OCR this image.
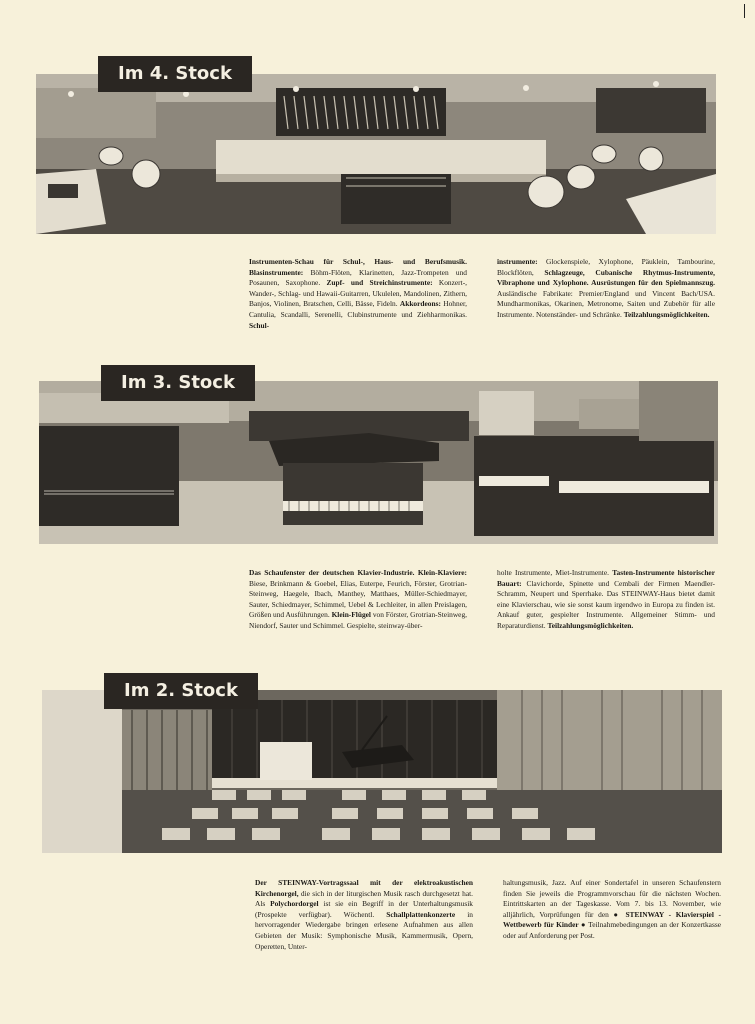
Im 4. Stock

Instrumenten-Schau für Schul-, Haus- und Berufsmusik. Blasinstrumente: Böhm-Flöten, Klarinetten, Jazz-Trompeten und Posaunen, Saxophone. Zupf- und Streichinstrumente: Konzert-, Wander-, Schlag- und Hawaii-Guitarren, Ukulelen, Mandolinen, Zithern, Banjos, Violinen, Bratschen, Celli, Bässe, Fideln. Akkordeons: Hohner, Cantulia, Scandalli, Serenelli, Clubinstrumente und Ziehharmonikas. Schul-

instrumente: Glockenspiele, Xylophone, Päuklein, Tambourine, Blockflöten, Schlagzeuge, Cubanische Rhytmus-Instrumente, Vibraphone und Xylophone. Ausrüstungen für den Spielmannszug. Ausländische Fabrikate: Premier/England und Vincent Bach/USA. Mundharmonikas, Okarinen, Metronome, Saiten und Zubehör für alle Instrumente. Notenständer- und Schränke. Teilzahlungsmöglichkeiten.

Im 3. Stock

Das Schaufenster der deutschen Klavier-Industrie. Klein-Klaviere: Biese, Brinkmann & Goebel, Elias, Euterpe, Feurich, Förster, Grotrian-Steinweg, Haegele, Ibach, Manthey, Matthaes, Müller-Schiedmayer, Sauter, Schiedmayer, Schimmel, Uebel & Lechleiter, in allen Preislagen, Größen und Ausführungen. Klein-Flügel von Förster, Grotrian-Steinweg, Niendorf, Sauter und Schimmel. Gespielte, steinway-über-

holte Instrumente, Miet-Instrumente. Tasten-Instrumente historischer Bauart: Clavichorde, Spinette und Cembali der Firmen Maendler-Schramm, Neupert und Sperrhake. Das STEINWAY-Haus bietet damit eine Klavierschau, wie sie sonst kaum irgendwo in Europa zu finden ist. Ankauf guter, gespielter Instrumente. Allgemeiner Stimm- und Reparaturdienst. Teilzahlungsmöglichkeiten.

Im 2. Stock

Der STEINWAY-Vortragssaal mit der elektroakustischen Kirchenorgel, die sich in der liturgischen Musik rasch durchgesetzt hat. Als Polychordorgel ist sie ein Begriff in der Unterhaltungsmusik (Prospekte verfügbar). Wöchentl. Schallplattenkonzerte in hervorragender Wiedergabe bringen erlesene Aufnahmen aus allen Gebieten der Musik: Symphonische Musik, Kammermusik, Opern, Operetten, Unter-

haltungsmusik, Jazz. Auf einer Sondertafel in unseren Schaufenstern finden Sie jeweils die Programmvorschau für die nächsten Wochen. Eintrittskarten an der Tageskasse. Vom 7. bis 13. November, wie alljährlich, Vorprüfungen für den ● STEINWAY - Klavierspiel - Wettbewerb für Kinder ● Teilnahmebedingungen an der Konzertkasse oder auf Anforderung per Post.
